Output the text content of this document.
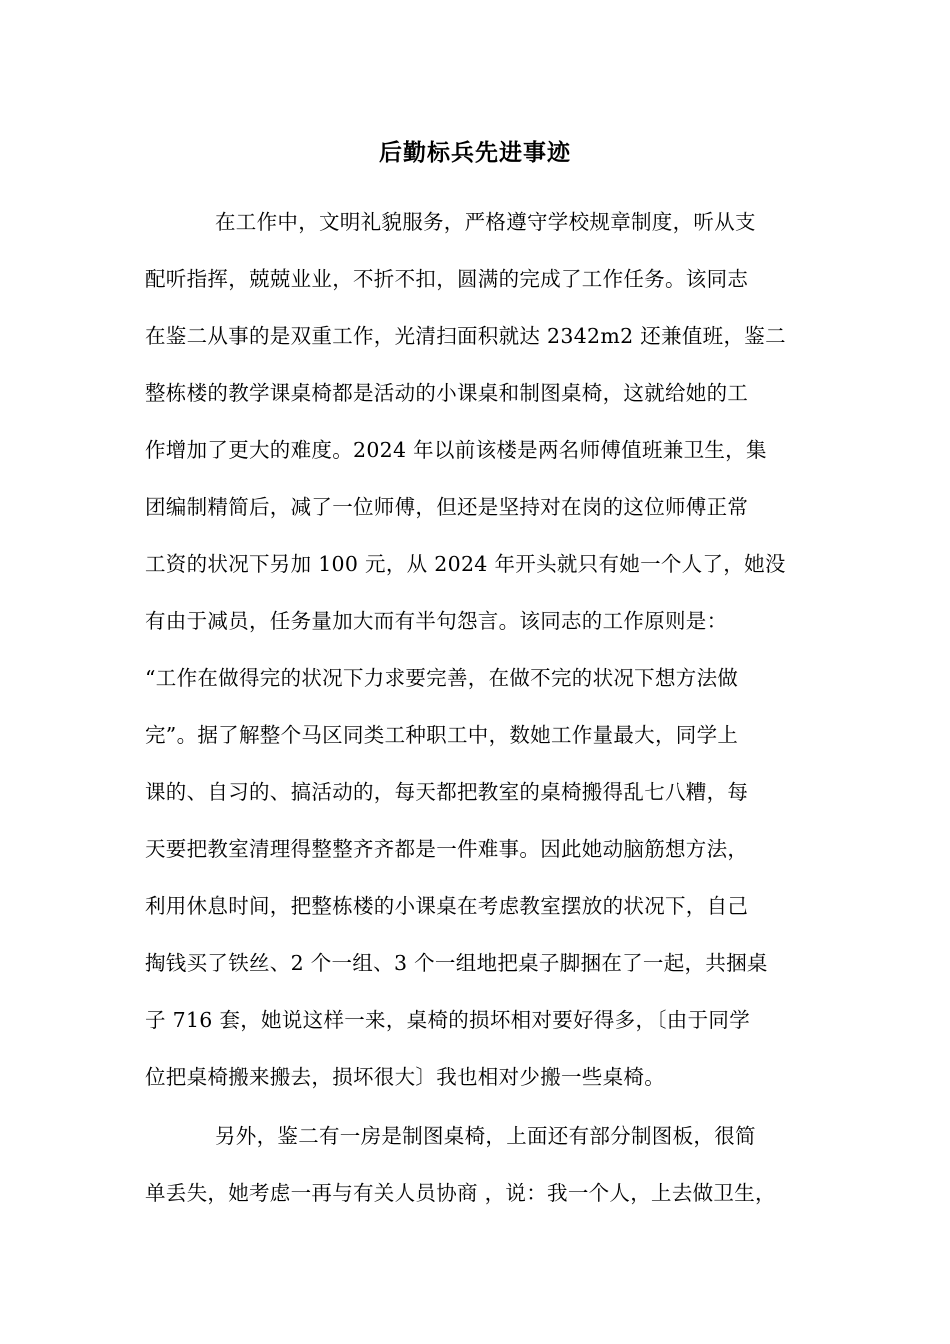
后勤标兵先进事迹
在工作中，文明礼貌服务，严格遵守学校规章制度，听从支
配听指挥，兢兢业业，不折不扣，圆满的完成了工作任务。该同志
在鉴二从事的是双重工作，光清扫面积就达 2342m2 还兼值班，鉴二
整栋楼的教学课桌椅都是活动的小课桌和制图桌椅，这就给她的工
作增加了更大的难度。2024 年以前该楼是两名师傅值班兼卫生，集
团编制精简后，减了一位师傅，但还是坚持对在岗的这位师傅正常
工资的状况下另加 100 元，从 2024 年开头就只有她一个人了，她没
有由于减员，任务量加大而有半句怨言。该同志的工作原则是：
“工作在做得完的状况下力求要完善，在做不完的状况下想方法做
完”。据了解整个马区同类工种职工中，数她工作量最大，同学上
课的、自习的、搞活动的，每天都把教室的桌椅搬得乱七八糟，每
天要把教室清理得整整齐齐都是一件难事。因此她动脑筋想方法，
利用休息时间，把整栋楼的小课桌在考虑教室摆放的状况下，自己
掏钱买了铁丝、2 个一组、3 个一组地把桌子脚捆在了一起，共捆桌
子 716 套，她说这样一来，桌椅的损坏相对要好得多，〔由于同学
位把桌椅搬来搬去，损坏很大〕我也相对少搬一些桌椅。
另外，鉴二有一房是制图桌椅，上面还有部分制图板，很简
单丢失，她考虑一再与有关人员协商 ，说：我一个人，上去做卫生，
